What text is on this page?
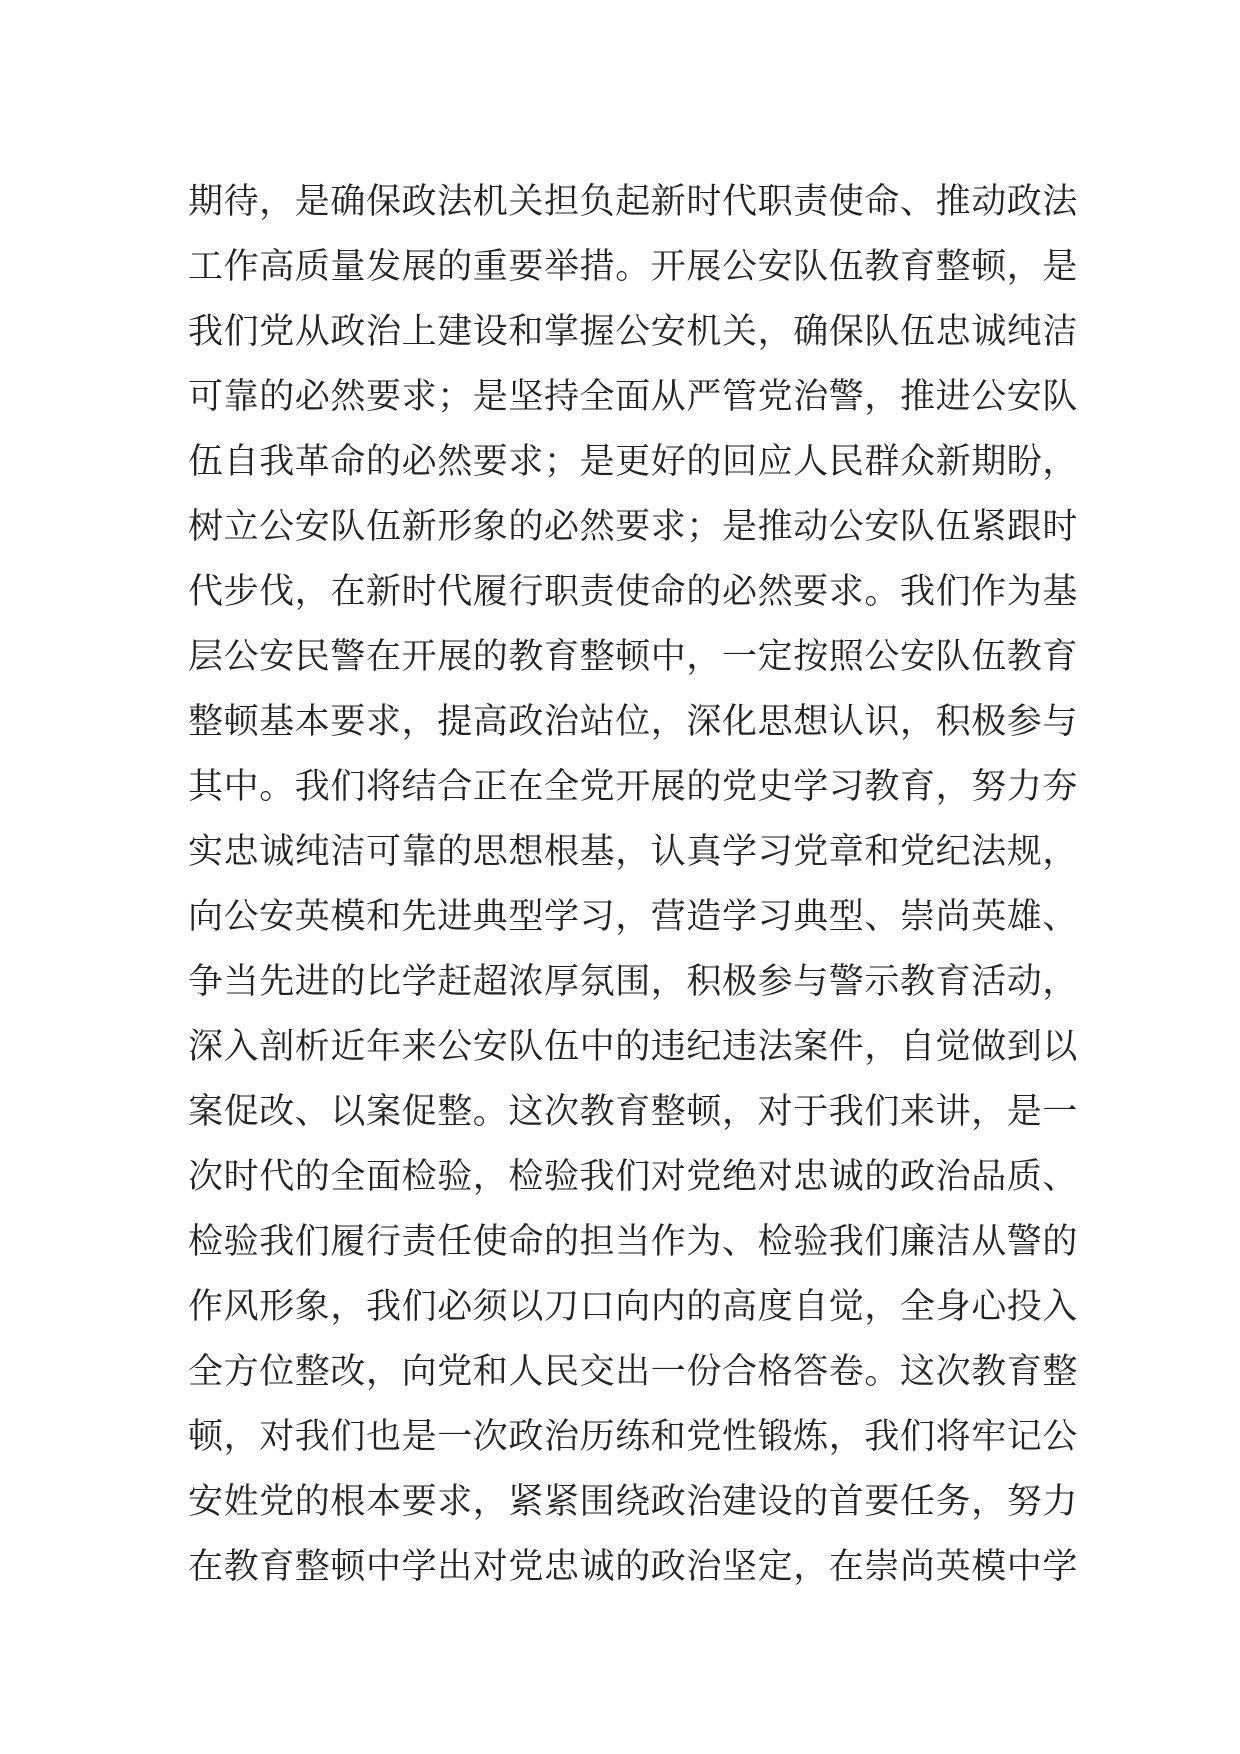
期待，是确保政法机关担负起新时代职责使命、推动政法
工作高质量发展的重要举措。开展公安队伍教育整顿，是
我们党从政治上建设和掌握公安机关，确保队伍忠诚纯洁
可靠的必然要求；是坚持全面从严管党治警，推进公安队
伍自我革命的必然要求；是更好的回应人民群众新期盼，
树立公安队伍新形象的必然要求；是推动公安队伍紧跟时
代步伐，在新时代履行职责使命的必然要求。我们作为基
层公安民警在开展的教育整顿中，一定按照公安队伍教育
整顿基本要求，提高政治站位，深化思想认识，积极参与
其中。我们将结合正在全党开展的党史学习教育，努力夯
实忠诚纯洁可靠的思想根基，认真学习党章和党纪法规，
向公安英模和先进典型学习，营造学习典型、崇尚英雄、
争当先进的比学赶超浓厚氛围，积极参与警示教育活动，
深入剖析近年来公安队伍中的违纪违法案件，自觉做到以
案促改、以案促整。这次教育整顿，对于我们来讲，是一
次时代的全面检验，检验我们对党绝对忠诚的政治品质、
检验我们履行责任使命的担当作为、检验我们廉洁从警的
作风形象，我们必须以刀口向内的高度自觉，全身心投入
全方位整改，向党和人民交出一份合格答卷。这次教育整
顿，对我们也是一次政治历练和党性锻炼，我们将牢记公
安姓党的根本要求，紧紧围绕政治建设的首要任务，努力
在教育整顿中学出对党忠诚的政治坚定，在崇尚英模中学
